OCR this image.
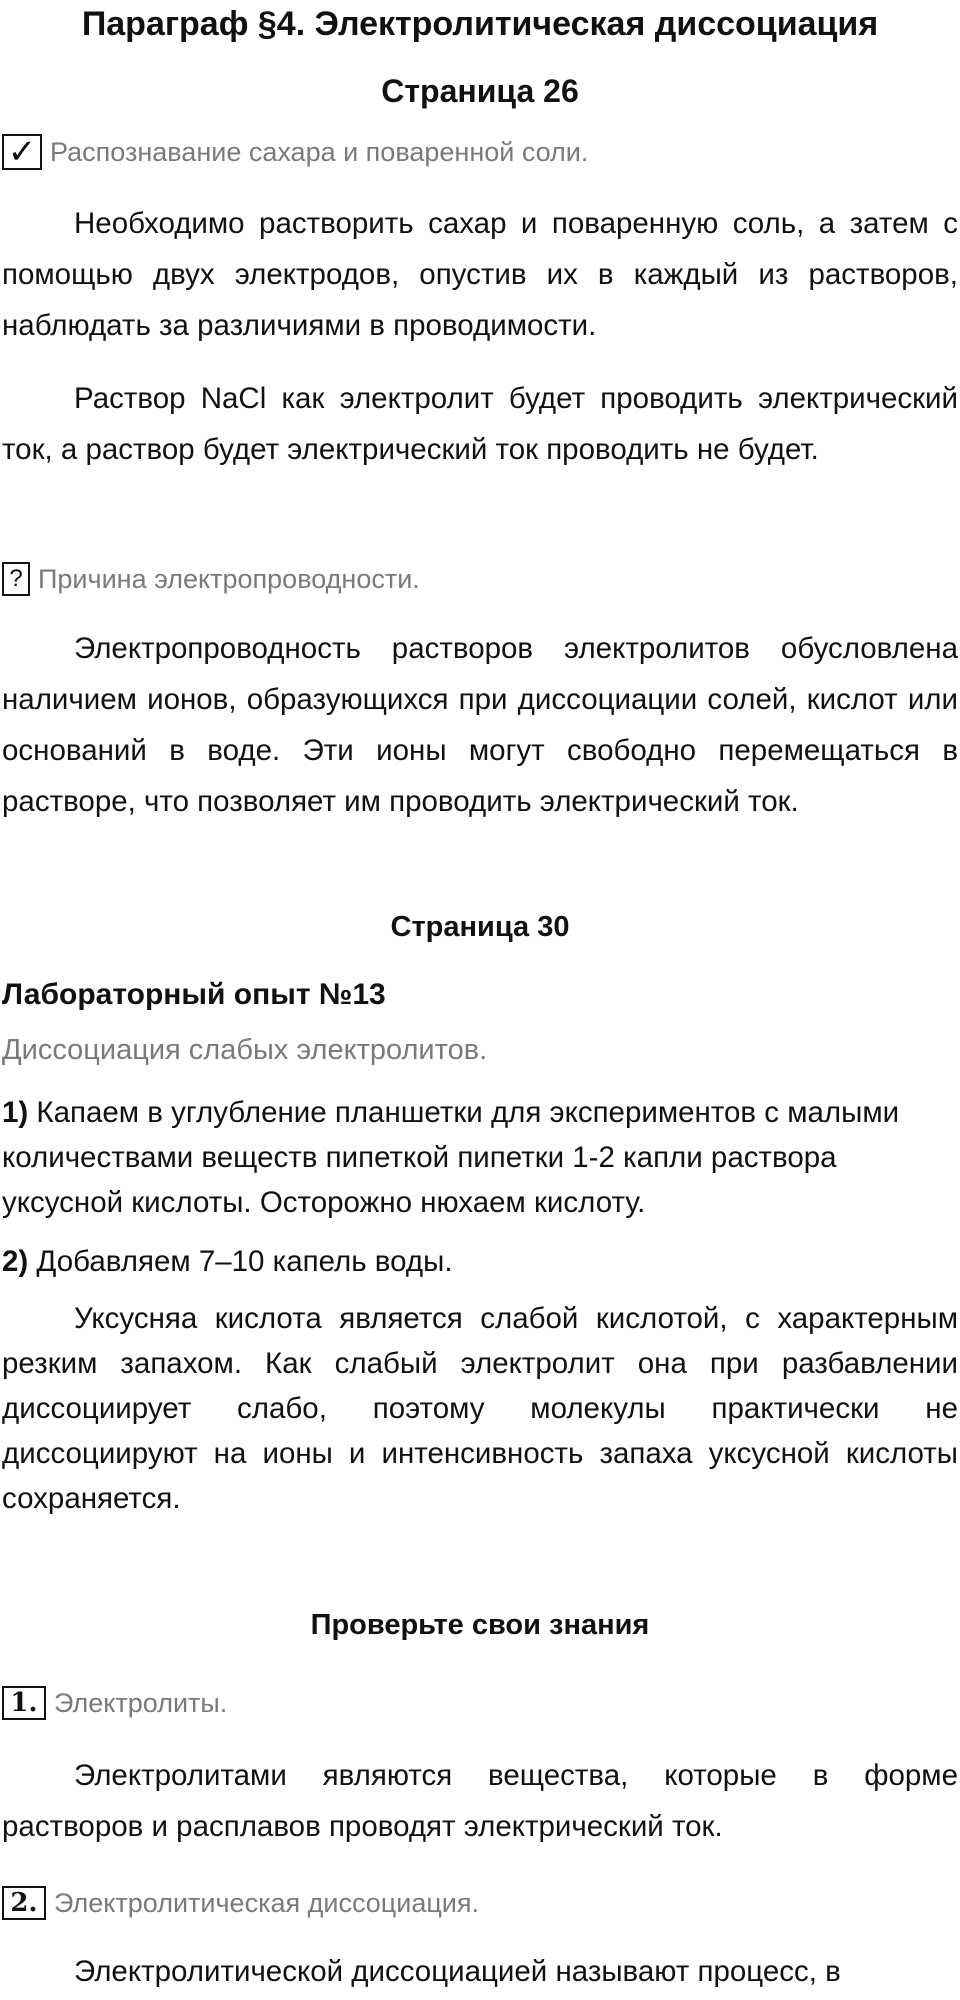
Параграф §4. Электролитическая диссоциация
Страница 26
✓ Распознавание сахара и поваренной соли.

Необходимо растворить сахар и поваренную соль, а затем с помощью двух электродов, опустив их в каждый из растворов, наблюдать за различиями в проводимости.

Раствор NaCl как электролит будет проводить электрический ток, а раствор будет электрический ток проводить не будет.

? Причина электропроводности.

Электропроводность растворов электролитов обусловлена наличием ионов, образующихся при диссоциации солей, кислот или оснований в воде. Эти ионы могут свободно перемещаться в растворе, что позволяет им проводить электрический ток.

Страница 30

Лабораторный опыт №13

Диссоциация слабых электролитов.

1) Капаем в углубление планшетки для экспериментов с малыми количествами веществ пипеткой пипетки 1-2 капли раствора уксусной кислоты. Осторожно нюхаем кислоту.

2) Добавляем 7–10 капель воды.

Уксусняа кислота является слабой кислотой, с характерным резким запахом. Как слабый электролит она при разбавлении диссоциирует слабо, поэтому молекулы практически не диссоциируют на ионы и интенсивность запаха уксусной кислоты сохраняется.

Проверьте свои знания
1. Электролиты.

Электролитами являются вещества, которые в форме растворов и расплавов проводят электрический ток.

2. Электролитическая диссоциация.

Электролитической диссоциацией называют процесс, в
